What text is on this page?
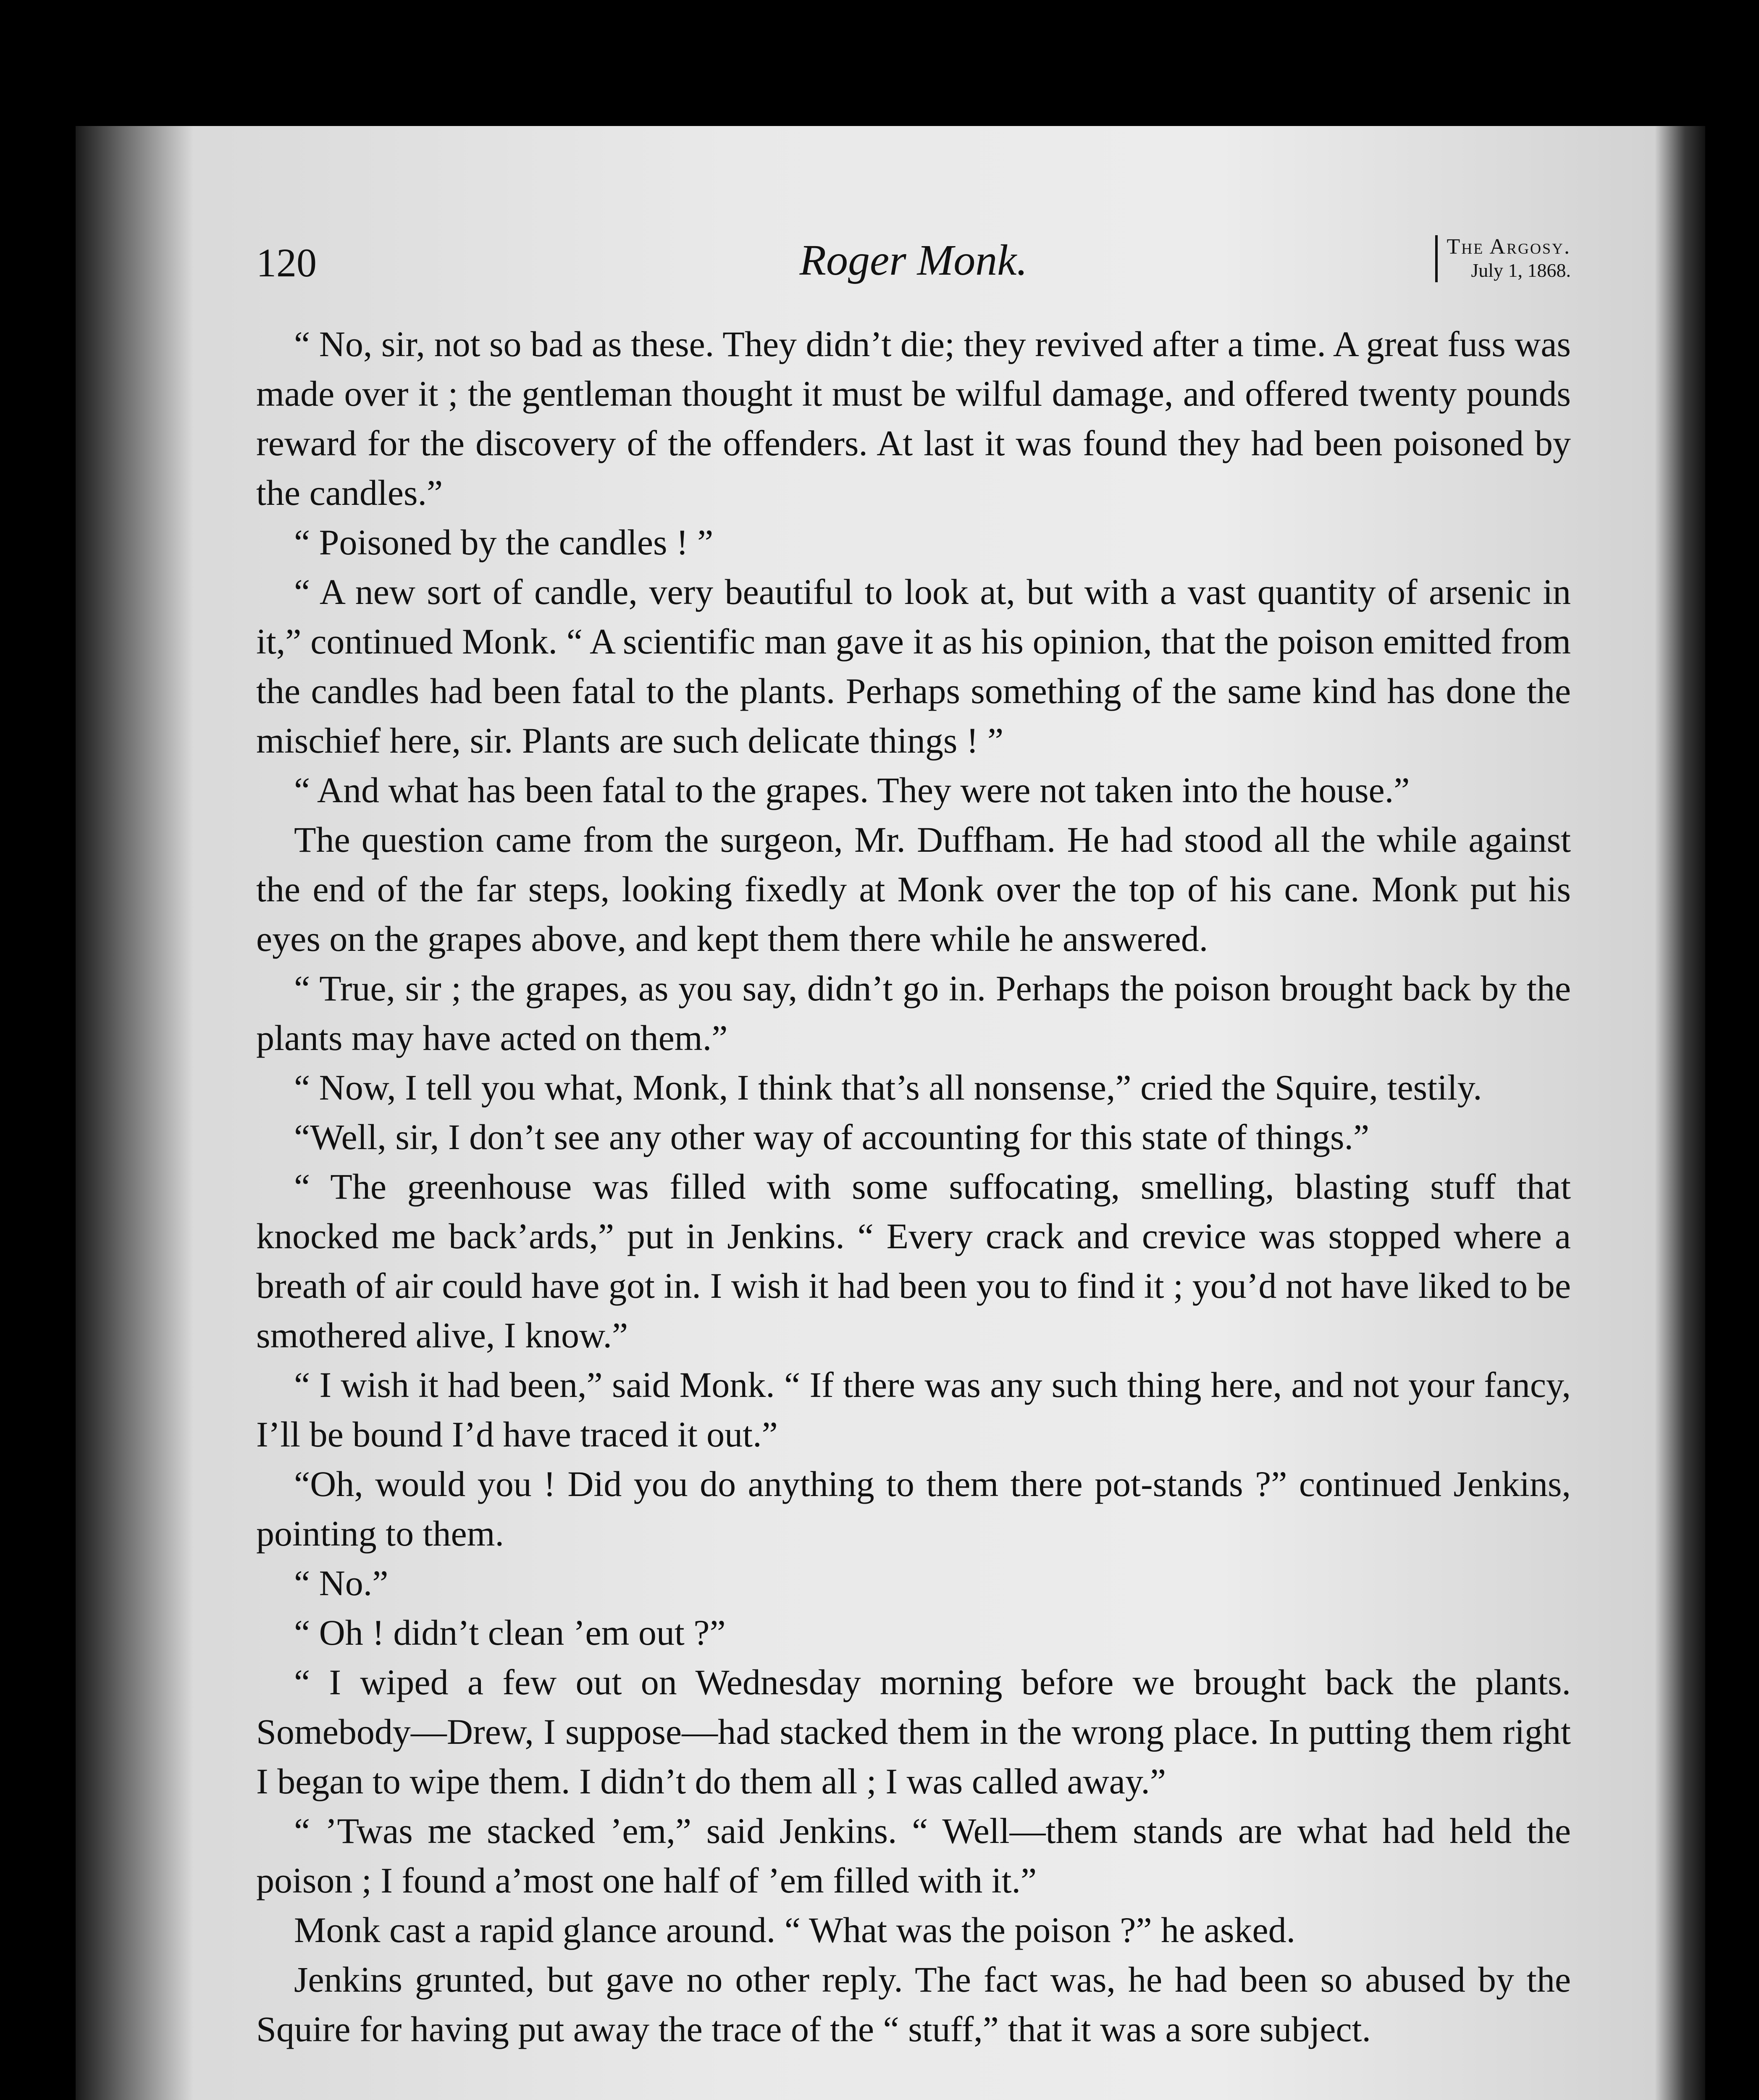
120	Roger Monk.	The Argosy.
July 1, 1868.

“ No, sir, not so bad as these. They didn’t die; they revived after a time. A great fuss was made over it ; the gentleman thought it must be wilful damage, and offered twenty pounds reward for the discovery of the offenders. At last it was found they had been poisoned by the candles.”

“ Poisoned by the candles ! ”

“ A new sort of candle, very beautiful to look at, but with a vast quantity of arsenic in it,” continued Monk. “ A scientific man gave it as his opinion, that the poison emitted from the candles had been fatal to the plants. Perhaps something of the same kind has done the mischief here, sir. Plants are such delicate things ! ”

“ And what has been fatal to the grapes. They were not taken into the house.”

The question came from the surgeon, Mr. Duffham. He had stood all the while against the end of the far steps, looking fixedly at Monk over the top of his cane. Monk put his eyes on the grapes above, and kept them there while he answered.

“ True, sir ; the grapes, as you say, didn’t go in. Perhaps the poison brought back by the plants may have acted on them.”

“ Now, I tell you what, Monk, I think that’s all nonsense,” cried the Squire, testily.

“Well, sir, I don’t see any other way of accounting for this state of things.”

“ The greenhouse was filled with some suffocating, smelling, blasting stuff that knocked me back’ards,” put in Jenkins. “ Every crack and crevice was stopped where a breath of air could have got in. I wish it had been you to find it ; you’d not have liked to be smothered alive, I know.”

“ I wish it had been,” said Monk. “ If there was any such thing here, and not your fancy, I’ll be bound I’d have traced it out.”

“Oh, would you ! Did you do anything to them there pot-stands ?” continued Jenkins, pointing to them.

“ No.”

“ Oh ! didn’t clean ’em out ?”

“ I wiped a few out on Wednesday morning before we brought back the plants. Somebody—Drew, I suppose—had stacked them in the wrong place. In putting them right I began to wipe them. I didn’t do them all ; I was called away.”

“ ’Twas me stacked ’em,” said Jenkins. “ Well—them stands are what had held the poison ; I found a’most one half of ’em filled with it.”

Monk cast a rapid glance around. “ What was the poison ?” he asked.

Jenkins grunted, but gave no other reply. The fact was, he had been so abused by the Squire for having put away the trace of the “ stuff,” that it was a sore subject.
